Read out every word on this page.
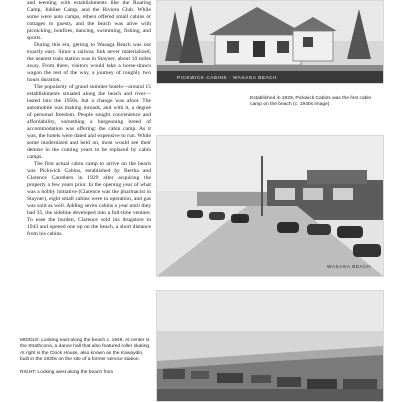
and teeming with establishments like the Roaring Camp, Jubilee Camp, and the Riviera Club. While some were auto camps, others offered small cabins or cottages to guests, and the beach was alive with picnicking, bonfires, dancing, swimming, fishing, and sports.

During this era, getting to Wasaga Beach was not exactly easy. Since a railway link never materialized, the nearest train station was in Stayner, about 10 miles away. From there, visitors would take a horse-drawn wagon the rest of the way, a journey of roughly two hours duration.

The popularity of grand summer hotels—around 15 establishments situated along the beach and river—lasted into the 1950s, but a change was afoot. The automobile was making inroads, and with it, a degree of personal freedom. People sought convenience and affordability, something a burgeoning breed of accommodation was offering: the cabin camp. As it was, the hotels were dated and expensive to run. While some modernized and held on, most would see their demise in the coming years to be replaced by cabin camps.

The first actual cabin camp to arrive on the beach was Pickwick Cabins, established by Bertha and Clarence Caruthers in 1929 after acquiring the property a few years prior. In the opening year of what was a hobby initiative (Clarence was the pharmacist in Stayner), eight small cabins were in operation, and gas was sold as well. Adding seven cabins a year until they had 35, the sideline developed into a full-time venture. To ease the burden, Clarence sold his drugstore in 1943 and opened one up on the beach, a short distance from his cabins.

PICKWICK CABINS · WASAGA BEACH
Established in 1929, Pickwick Cabins was the first cabin camp on the beach (c. 1940s image).
WASAGA BEACH

MIDDLE: Looking east along the beach c. 1946. At center is the Strathcona, a dance hall that also featured roller skating. At right is the Clock House, also known as the Kawaydin, built in the 1930s on the site of a former service station.

RIGHT: Looking west along the beach from
